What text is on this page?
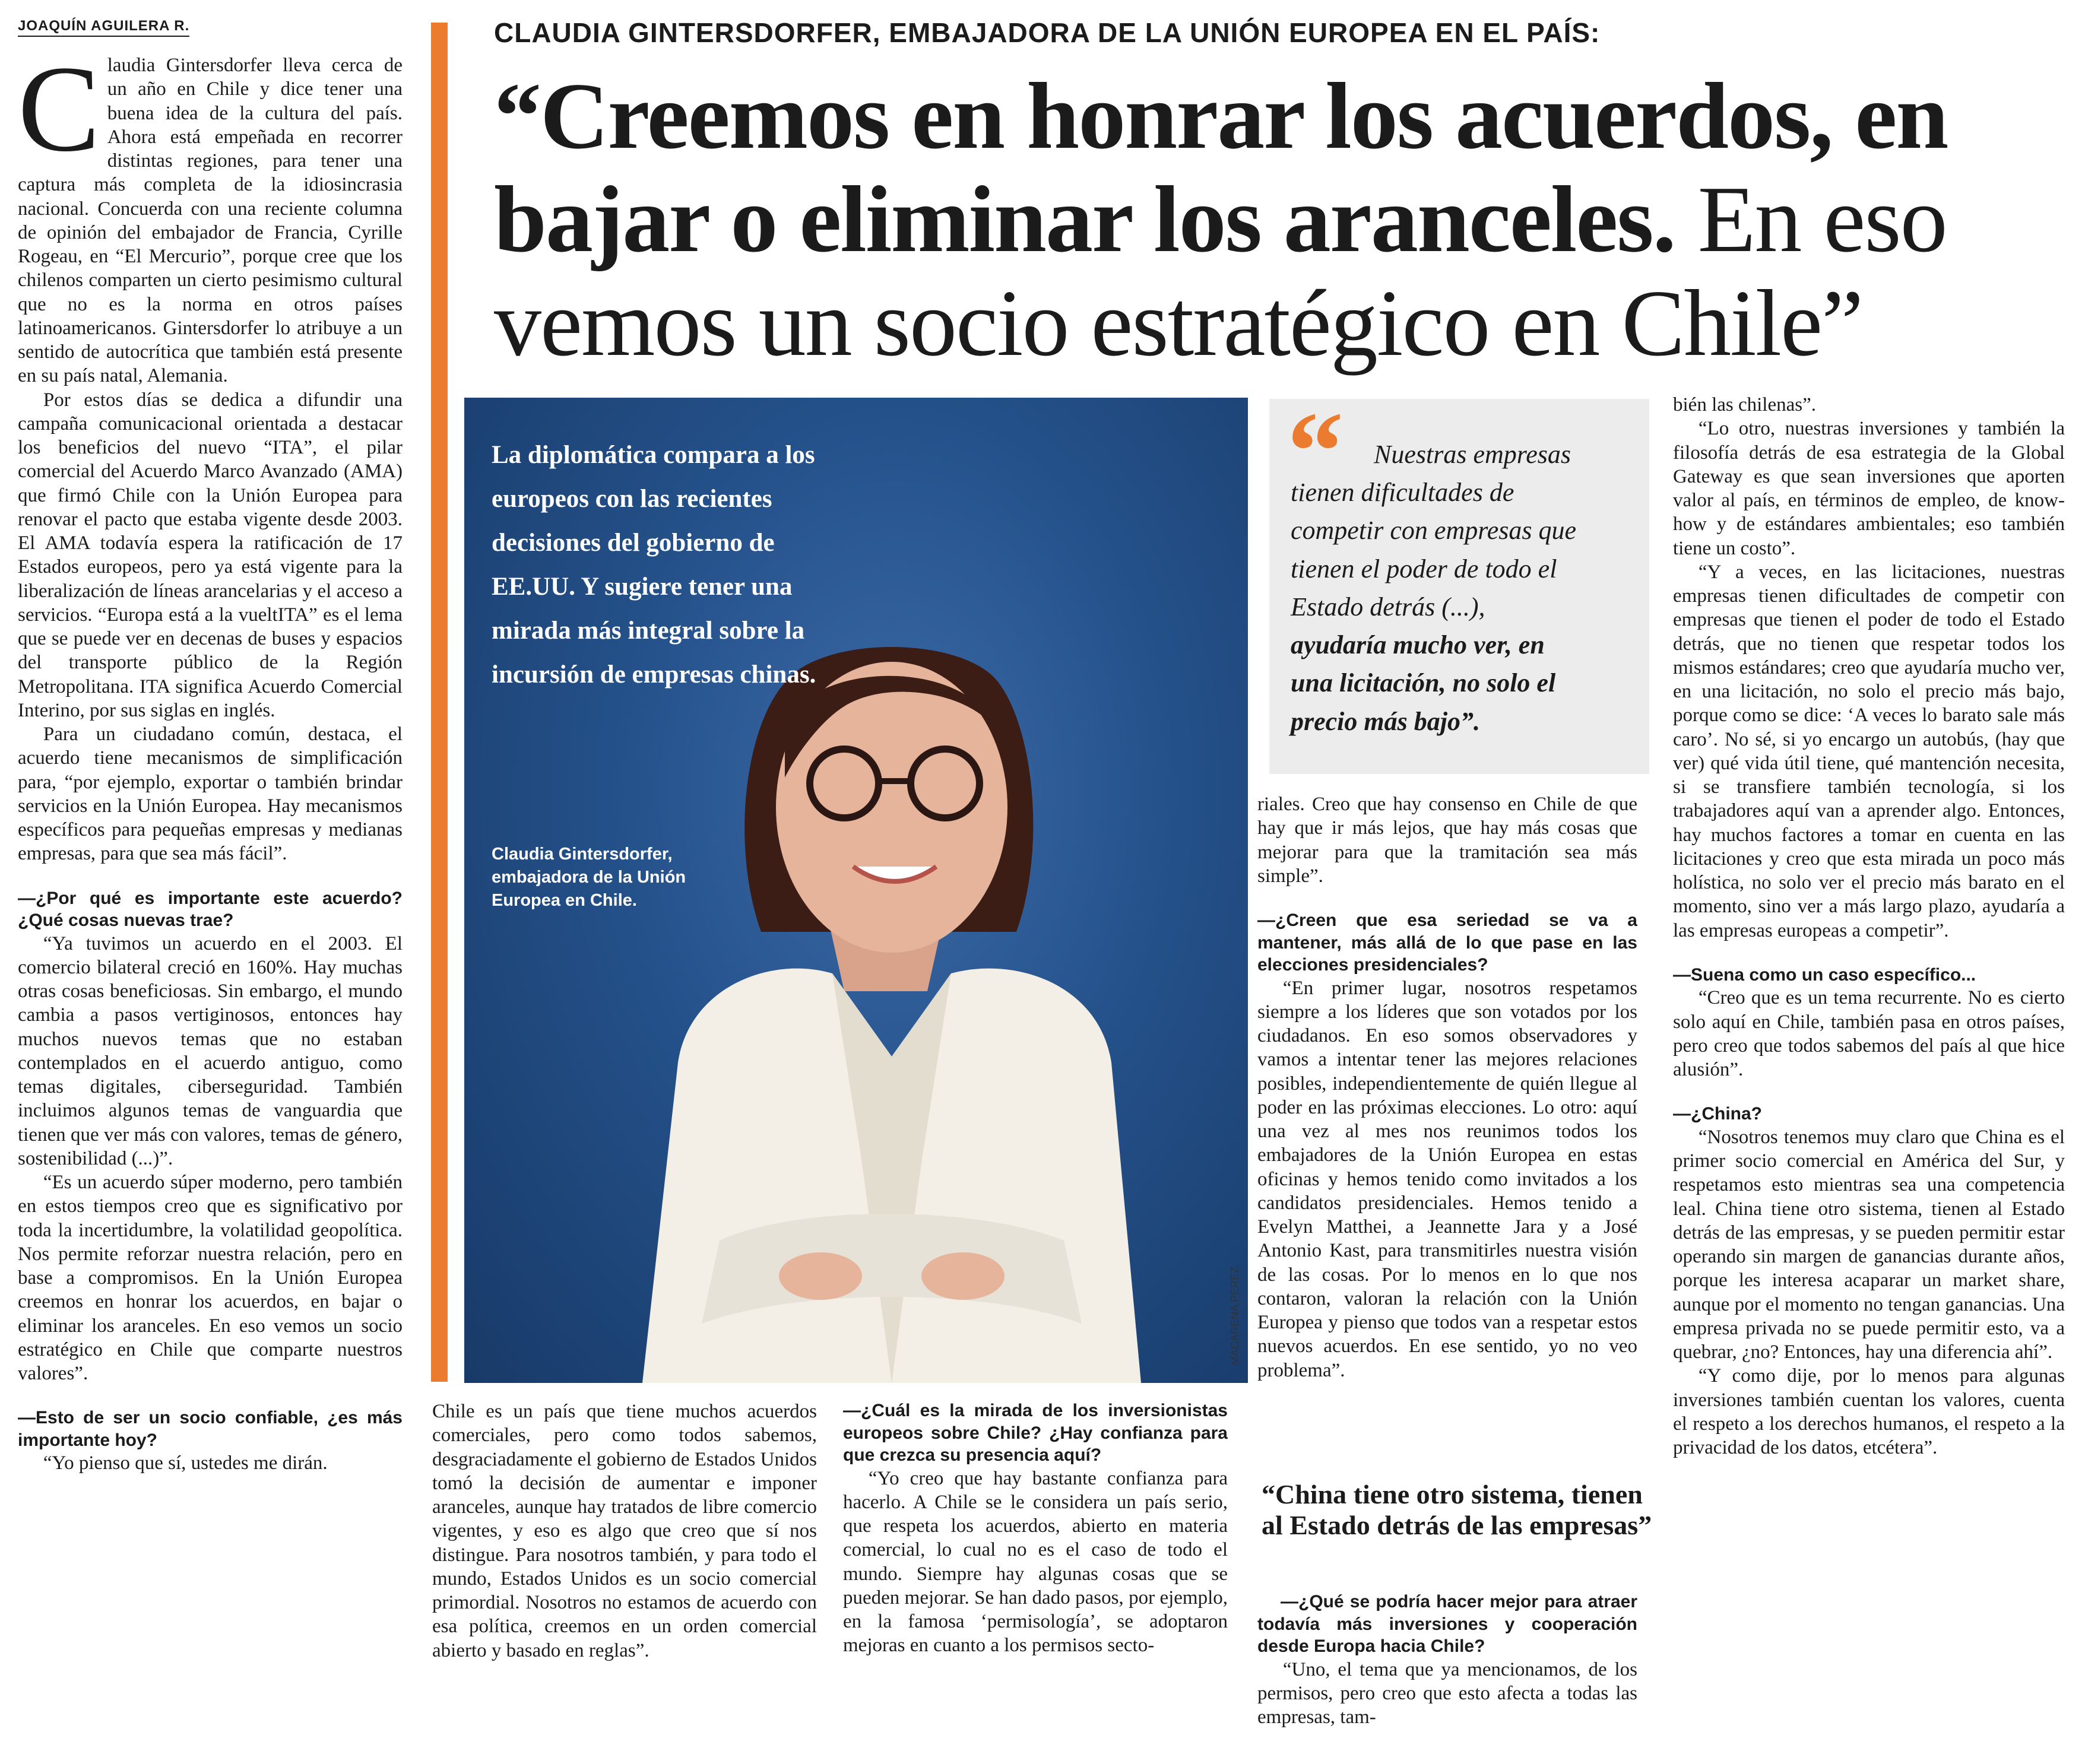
JOAQUÍN AGUILERA R.

Claudia Gintersdorfer lleva cerca de un año en Chile y dice tener una buena idea de la cultura del país. Ahora está empeñada en recorrer distintas regiones, para tener una captura más completa de la idiosincrasia nacional. Concuerda con una reciente columna de opinión del embajador de Francia, Cyrille Rogeau, en “El Mercurio”, porque cree que los chilenos comparten un cierto pesimismo cultural que no es la norma en otros países latinoamericanos. Gintersdorfer lo atribuye a un sentido de autocrítica que también está presente en su país natal, Alemania.

Por estos días se dedica a difundir una campaña comunicacional orientada a destacar los beneficios del nuevo “ITA”, el pilar comercial del Acuerdo Marco Avanzado (AMA) que firmó Chile con la Unión Europea para renovar el pacto que estaba vigente desde 2003. El AMA todavía espera la ratificación de 17 Estados europeos, pero ya está vigente para la liberalización de líneas arancelarias y el acceso a servicios. “Europa está a la vueltITA” es el lema que se puede ver en decenas de buses y espacios del transporte público de la Región Metropolitana. ITA significa Acuerdo Comercial Interino, por sus siglas en inglés.

Para un ciudadano común, destaca, el acuerdo tiene mecanismos de simplificación para, “por ejemplo, exportar o también brindar servicios en la Unión Europea. Hay mecanismos específicos para pequeñas empresas y medianas empresas, para que sea más fácil”.

—¿Por qué es importante este acuerdo? ¿Qué cosas nuevas trae?

“Ya tuvimos un acuerdo en el 2003. El comercio bilateral creció en 160%. Hay muchas otras cosas beneficiosas. Sin embargo, el mundo cambia a pasos vertiginosos, entonces hay muchos nuevos temas que no estaban contemplados en el acuerdo antiguo, como temas digitales, ciberseguridad. También incluimos algunos temas de vanguardia que tienen que ver más con valores, temas de género, sostenibilidad (...)”.

“Es un acuerdo súper moderno, pero también en estos tiempos creo que es significativo por toda la incertidumbre, la volatilidad geopolítica. Nos permite reforzar nuestra relación, pero en base a compromisos. En la Unión Europea creemos en honrar los acuerdos, en bajar o eliminar los aranceles. En eso vemos un socio estratégico en Chile que comparte nuestros valores”.

—Esto de ser un socio confiable, ¿es más importante hoy?

“Yo pienso que sí, ustedes me dirán.

CLAUDIA GINTERSDORFER, EMBAJADORA DE LA UNIÓN EUROPEA EN EL PAÍS:
“Creemos en honrar los acuerdos, en bajar o eliminar los aranceles. En eso vemos un socio estratégico en Chile”
La diplomática compara a los europeos con las recientes decisiones del gobierno de EE.UU. Y sugiere tener una mirada más integral sobre la incursión de empresas chinas.
Claudia Gintersdorfer, embajadora de la Unión Europea en Chile.
MACARENA PÉREZ

Chile es un país que tiene muchos acuerdos comerciales, pero como todos sabemos, desgraciadamente el gobierno de Estados Unidos tomó la decisión de aumentar e imponer aranceles, aunque hay tratados de libre comercio vigentes, y eso es algo que creo que sí nos distingue. Para nosotros también, y para todo el mundo, Estados Unidos es un socio comercial primordial. Nosotros no estamos de acuerdo con esa política, creemos en un orden comercial abierto y basado en reglas”.

—¿Cuál es la mirada de los inversionistas europeos sobre Chile? ¿Hay confianza para que crezca su presencia aquí?

“Yo creo que hay bastante confianza para hacerlo. A Chile se le considera un país serio, que respeta los acuerdos, abierto en materia comercial, lo cual no es el caso de todo el mundo. Siempre hay algunas cosas que se pueden mejorar. Se han dado pasos, por ejemplo, en la famosa ‘permisología’, se adoptaron mejoras en cuanto a los permisos secto-

“	Nuestras empresas
tienen dificultades de
competir con empresas que
tienen el poder de todo el
Estado detrás (...),
ayudaría mucho ver, en
una licitación, no solo el
precio más bajo”.

riales. Creo que hay consenso en Chile de que hay que ir más lejos, que hay más cosas que mejorar para que la tramitación sea más simple”.

—¿Creen que esa seriedad se va a mantener, más allá de lo que pase en las elecciones presidenciales?

“En primer lugar, nosotros respetamos siempre a los líderes que son votados por los ciudadanos. En eso somos observadores y vamos a intentar tener las mejores relaciones posibles, independientemente de quién llegue al poder en las próximas elecciones. Lo otro: aquí una vez al mes nos reunimos todos los embajadores de la Unión Europea en estas oficinas y hemos tenido como invitados a los candidatos presidenciales. Hemos tenido a Evelyn Matthei, a Jeannette Jara y a José Antonio Kast, para transmitirles nuestra visión de las cosas. Por lo menos en lo que nos contaron, valoran la relación con la Unión Europea y pienso que todos van a respetar estos nuevos acuerdos. En ese sentido, yo no veo problema”.

“China tiene otro sistema, tienen al Estado detrás de las empresas”

—¿Qué se podría hacer mejor para atraer todavía más inversiones y cooperación desde Europa hacia Chile?

“Uno, el tema que ya mencionamos, de los permisos, pero creo que esto afecta a todas las empresas, tam-

bién las chilenas”.

“Lo otro, nuestras inversiones y también la filosofía detrás de esa estrategia de la Global Gateway es que sean inversiones que aporten valor al país, en términos de empleo, de know-how y de estándares ambientales; eso también tiene un costo”.

“Y a veces, en las licitaciones, nuestras empresas tienen dificultades de competir con empresas que tienen el poder de todo el Estado detrás, que no tienen que respetar todos los mismos estándares; creo que ayudaría mucho ver, en una licitación, no solo el precio más bajo, porque como se dice: ‘A veces lo barato sale más caro’. No sé, si yo encargo un autobús, (hay que ver) qué vida útil tiene, qué mantención necesita, si se transfiere también tecnología, si los trabajadores aquí van a aprender algo. Entonces, hay muchos factores a tomar en cuenta en las licitaciones y creo que esta mirada un poco más holística, no solo ver el precio más barato en el momento, sino ver a más largo plazo, ayudaría a las empresas europeas a competir”.

—Suena como un caso específico...

“Creo que es un tema recurrente. No es cierto solo aquí en Chile, también pasa en otros países, pero creo que todos sabemos del país al que hice alusión”.

—¿China?

“Nosotros tenemos muy claro que China es el primer socio comercial en América del Sur, y respetamos esto mientras sea una competencia leal. China tiene otro sistema, tienen al Estado detrás de las empresas, y se pueden permitir estar operando sin margen de ganancias durante años, porque les interesa acaparar un market share, aunque por el momento no tengan ganancias. Una empresa privada no se puede permitir esto, va a quebrar, ¿no? Entonces, hay una diferencia ahí”.

“Y como dije, por lo menos para algunas inversiones también cuentan los valores, cuenta el respeto a los derechos humanos, el respeto a la privacidad de los datos, etcétera”.
